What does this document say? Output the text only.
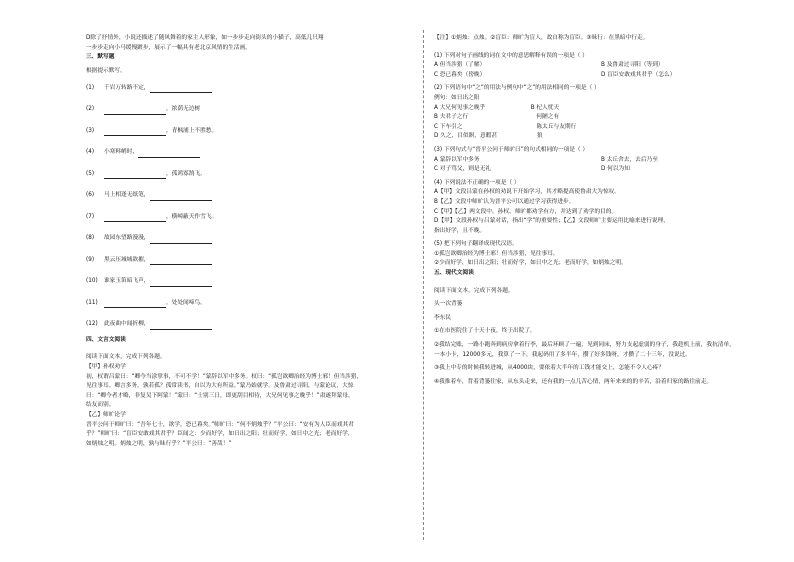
D除了抒情外，小说还描述了随风舞着的家主人形象，如一步步走向街头的小猫子，高低几只翔
一步步走向小马缓慢踱步，展示了一幅具有老北京风情的生活画。
三、默写题
根据提示默写。
(1)	千岩万转路不定，
(2)	，浓荫无边树
(3)	，青枫浦上不胜愁。
(4)	小寒料峭时，
(5)	，孤鸿寡鹄飞。
(6)	马上相逢无纸笔，
(7)	，横嶂蔽天作雪飞。
(8)	故园东望路漫漫，
(9)	黑云压城城欲摧，
(10)	谁家玉笛暗飞声，
(11)	，处处闻啼鸟。
(12)	此夜曲中闻折柳，
四、文言文阅读
阅读下面文本，完成下列各题。
【甲】孙权劝学
初，权谓吕蒙曰：“卿今当涂掌事，不可不学！”蒙辞以军中多务。权曰：“孤岂欲卿治经为博士邪！但当涉猎，
见往事耳。卿言多务，孰若孤？孤常读书，自以为大有所益。”蒙乃始就学。及鲁肃过寻阳，与蒙论议，大惊
曰：“卿今者才略，非复吴下阿蒙！”蒙曰：“士别三日，即更刮目相待，大兄何见事之晚乎！”肃遂拜蒙母，
结友而别。
【乙】师旷论学
晋平公问于师旷曰：“吾年七十，欲学，恐已暮矣。”师旷曰：“何不炳烛乎？”平公曰：“安有为人臣而戏其君
乎？”师旷曰：“盲臣安敢戏其君乎？臣闻之：少而好学，如日出之阳；壮而好学，如日中之光；老而好学，
如炳烛之明。炳烛之明，孰与昧行乎？”平公曰：“善哉！”
【注】①炳烛：点烛。②盲臣：师旷为盲人，故自称为盲臣。③昧行：在黑暗中行走。
(1) 下列对句子画线的词在文中的意思解释有误的一项是（ ）
A 但当涉猎（了解）	B 及鲁肃过寻阳（等到）
C 恐已暮矣（傍晚）	D 盲臣安敢戏其君乎（怎么）
(2) 下列语句中“之”的用法与例句中“之”的用法相同的一项是（ ）
例句：如日出之阳
A 大兄何见事之晚乎　　　　　　　　B 杞人忧天
B 夫君子之行　　　　　　　　　　　　何陋之有
C 下车引之　　　　　　　　　　　　　陈太丘与友期行
D 久之，目似瞑，意暇甚　　　　　　　狼
(3) 下列句式与“晋平公问于师旷曰”的句式相同的一项是（ ）
A 蒙辞以军中多务	B 太丘舍去，去后乃至
C 对子骂父，则是无礼	D 何以为知
(4) 下列说法不正确的一项是（ ）
A【甲】文段吕蒙在孙权的劝说下开始学习，其才略提高使鲁肃大为惊叹。
B【乙】文段中师旷认为晋平公可以通过学习获得进步。
C【甲】【乙】两文段中，孙权、师旷都劝学有方，并达到了劝学的目的。
D【甲】文段孙权与吕蒙对话，指出“学”的重要性；【乙】文段师旷主要运用比喻来进行说理，
指出好学，且不晚。
(5) 把下列句子翻译成现代汉语。
①孤岂欲卿治经为博士邪！但当涉猎，见往事耳。
②少而好学，如日出之阳；壮而好学，如日中之光；老而好学，如炳烛之明。
五、现代文阅读
阅读下面文本，完成下列各题。
头一次背篓
李东民
①在市医院住了十天十夜，终于出院了。
②我结完账，一路小跑奔到病房拿着行李，最后环顾了一遍，见到同床，努力支起虚弱的身子，我趁机上前，我抗清单，
一本小卡，12000多元，我算了一下，我起码用了多半年，攒了好多钱呀，才攒了二十三年，没说过。
③我上中专的时候我转进城，从4000块，要依着大半年的工钱才能交上，怎能不令人心疼？
④我推着车，背着背篓往家，从东头走来，还有我的一点儿苦心情，两年来来的的辛苦，沿着归家的路往前走。
